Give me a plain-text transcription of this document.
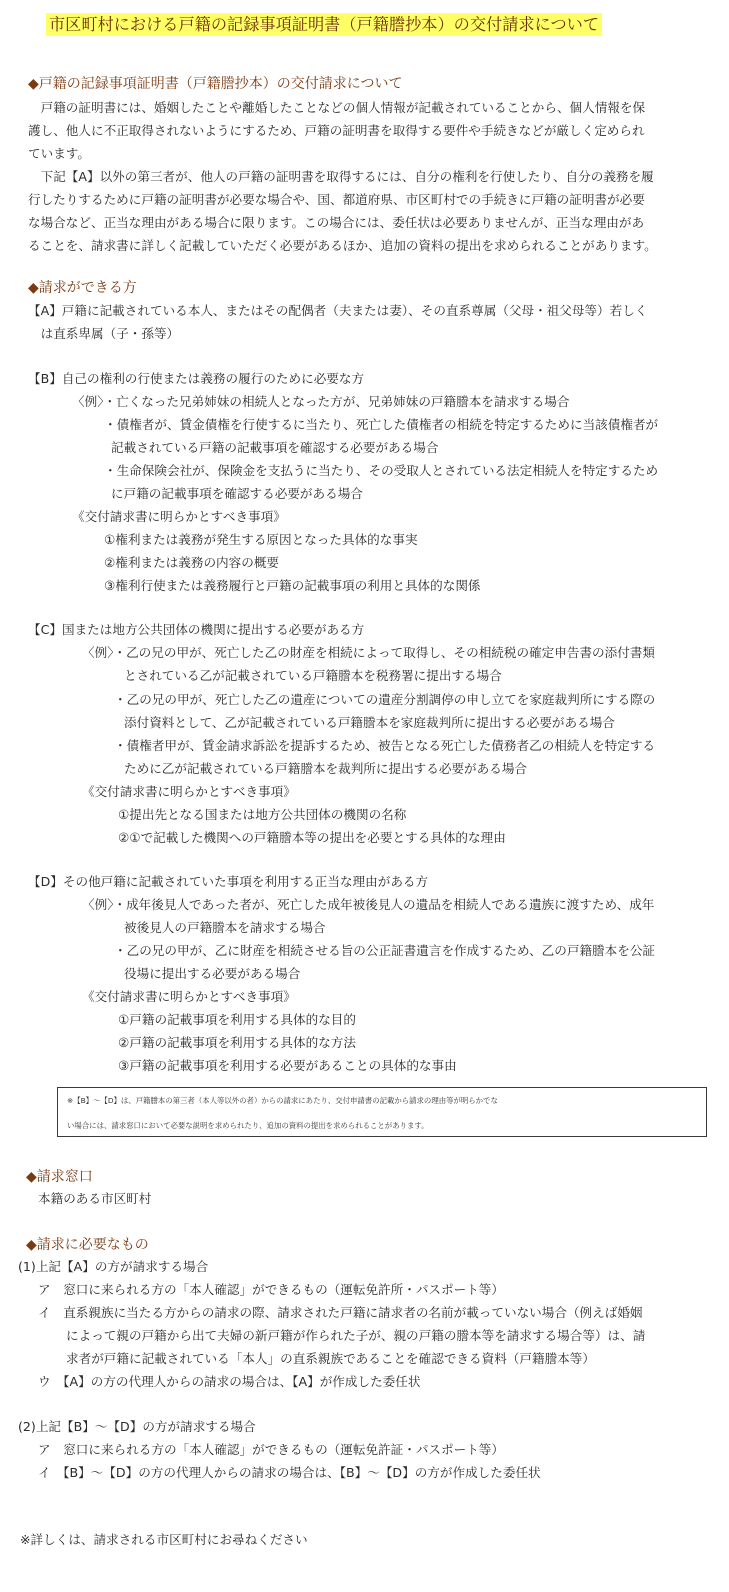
市区町村における戸籍の記録事項証明書（戸籍謄抄本）の交付請求について
◆戸籍の記録事項証明書（戸籍謄抄本）の交付請求について
　戸籍の証明書には、婚姻したことや離婚したことなどの個人情報が記載されていることから、個人情報を保
護し、他人に不正取得されないようにするため、戸籍の証明書を取得する要件や手続きなどが厳しく定められ
ています。
　下記【A】以外の第三者が、他人の戸籍の証明書を取得するには、自分の権利を行使したり、自分の義務を履
行したりするために戸籍の証明書が必要な場合や、国、都道府県、市区町村での手続きに戸籍の証明書が必要
な場合など、正当な理由がある場合に限ります。この場合には、委任状は必要ありませんが、正当な理由があ
ることを、請求書に詳しく記載していただく必要があるほか、追加の資料の提出を求められることがあります。
◆請求ができる方
【A】戸籍に記載されている本人、またはその配偶者（夫または妻）、その直系尊属（父母・祖父母等）若しく
　は直系卑属（子・孫等）
【B】自己の権利の行使または義務の履行のために必要な方
〈例〉・亡くなった兄弟姉妹の相続人となった方が、兄弟姉妹の戸籍謄本を請求する場合
・債権者が、賃金債権を行使するに当たり、死亡した債権者の相続を特定するために当該債権者が
記載されている戸籍の記載事項を確認する必要がある場合
・生命保険会社が、保険金を支払うに当たり、その受取人とされている法定相続人を特定するため
に戸籍の記載事項を確認する必要がある場合
《交付請求書に明らかとすべき事項》
①権利または義務が発生する原因となった具体的な事実
②権利または義務の内容の概要
③権利行使または義務履行と戸籍の記載事項の利用と具体的な関係
【C】国または地方公共団体の機関に提出する必要がある方
〈例〉・乙の兄の甲が、死亡した乙の財産を相続によって取得し、その相続税の確定申告書の添付書類
とされている乙が記載されている戸籍謄本を税務署に提出する場合
・乙の兄の甲が、死亡した乙の遺産についての遺産分割調停の申し立てを家庭裁判所にする際の
添付資料として、乙が記載されている戸籍謄本を家庭裁判所に提出する必要がある場合
・債権者甲が、賃金請求訴訟を提訴するため、被告となる死亡した債務者乙の相続人を特定する
ために乙が記載されている戸籍謄本を裁判所に提出する必要がある場合
《交付請求書に明らかとすべき事項》
①提出先となる国または地方公共団体の機関の名称
②①で記載した機関への戸籍謄本等の提出を必要とする具体的な理由
【D】その他戸籍に記載されていた事項を利用する正当な理由がある方
〈例〉・成年後見人であった者が、死亡した成年被後見人の遺品を相続人である遺族に渡すため、成年
被後見人の戸籍謄本を請求する場合
・乙の兄の甲が、乙に財産を相続させる旨の公正証書遺言を作成するため、乙の戸籍謄本を公証
役場に提出する必要がある場合
《交付請求書に明らかとすべき事項》
①戸籍の記載事項を利用する具体的な目的
②戸籍の記載事項を利用する具体的な方法
③戸籍の記載事項を利用する必要があることの具体的な事由
※【B】～【D】は、戸籍謄本の第三者（本人等以外の者）からの請求にあたり、交付申請書の記載から請求の理由等が明らかでな
い場合には、請求窓口において必要な説明を求められたり、追加の資料の提出を求められることがあります。
◆請求窓口
本籍のある市区町村
◆請求に必要なもの
(1)上記【A】の方が請求する場合
ア　窓口に来られる方の「本人確認」ができるもの（運転免許所・パスポート等）
イ　直系親族に当たる方からの請求の際、請求された戸籍に請求者の名前が載っていない場合（例えば婚姻
によって親の戸籍から出て夫婦の新戸籍が作られた子が、親の戸籍の謄本等を請求する場合等）は、請
求者が戸籍に記載されている「本人」の直系親族であることを確認できる資料（戸籍謄本等）
ウ　【A】の方の代理人からの請求の場合は、【A】が作成した委任状
(2)上記【B】～【D】の方が請求する場合
ア　窓口に来られる方の「本人確認」ができるもの（運転免許証・パスポート等）
イ　【B】～【D】の方の代理人からの請求の場合は、【B】～【D】の方が作成した委任状
※詳しくは、請求される市区町村にお尋ねください
